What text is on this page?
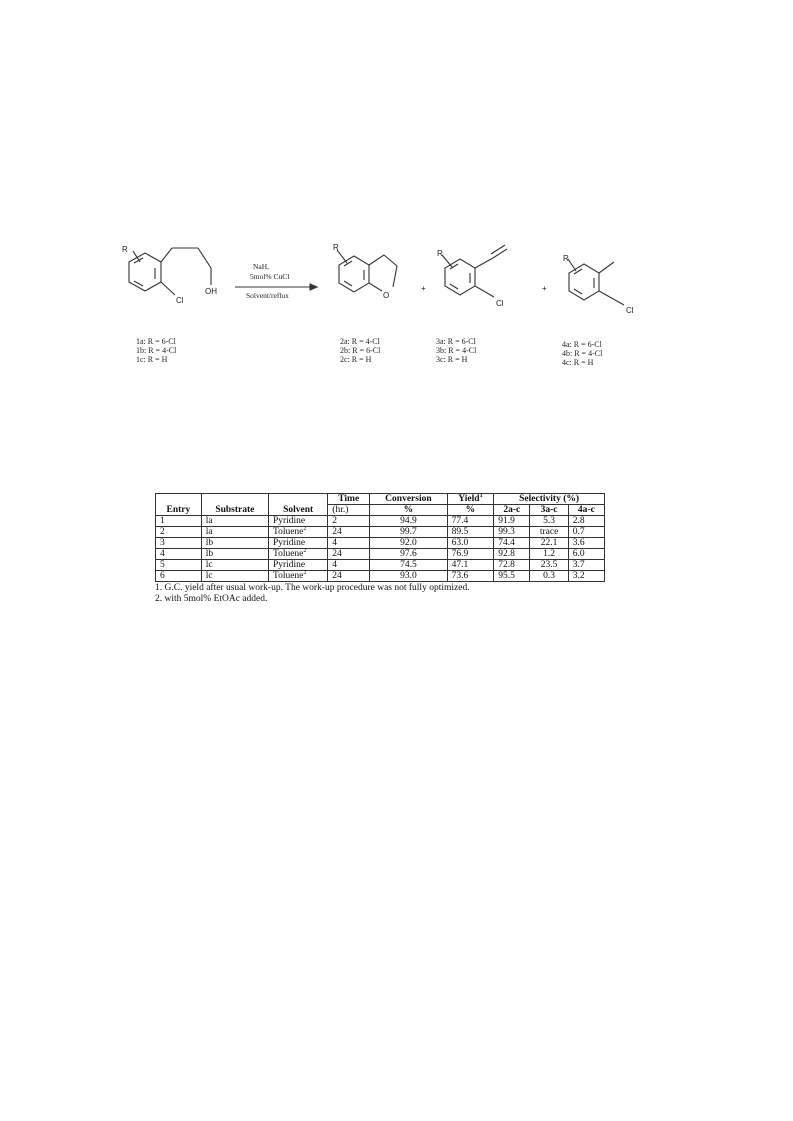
R
OH
Cl
R
O
R
Cl
R
Cl
+	+
NaH,
5mol% CuCl
Solvent/reflux
1a: R = 6-Cl
1b: R = 4-Cl
1c: R = H
2a: R = 4-Cl
2b: R = 6-Cl
2c: R = H
3a: R = 6-Cl
3b: R = 4-Cl
3c: R = H
4a: R = 6-Cl
4b: R = 4-Cl
4c: R = H
Entry	Substrate	Solvent	Time	Conversion	Yield$^1$	Selectivity (%)		
			(hr.)	%	%	2a-c	3a-c	4a-c
1	la	Pyridine	2	94.9	77.4	91.9	5.3	2.8
2	la	Toluene$^2$	24	99.7	89.5	99.3	trace	0.7
3	lb	Pyridine	4	92.0	63.0	74.4	22.1	3.6
4	lb	Toluene$^2$	24	97.6	76.9	92.8	1.2	6.0
5	lc	Pyridine	4	74.5	47.1	72.8	23.5	3.7
6	lc	Toluene$^2$	24	93.0	73.6	95.5	0.3	3.2
1. G.C. yield after usual work-up. The work-up procedure was not fully optimized.
2. with 5mol% EtOAc added.
